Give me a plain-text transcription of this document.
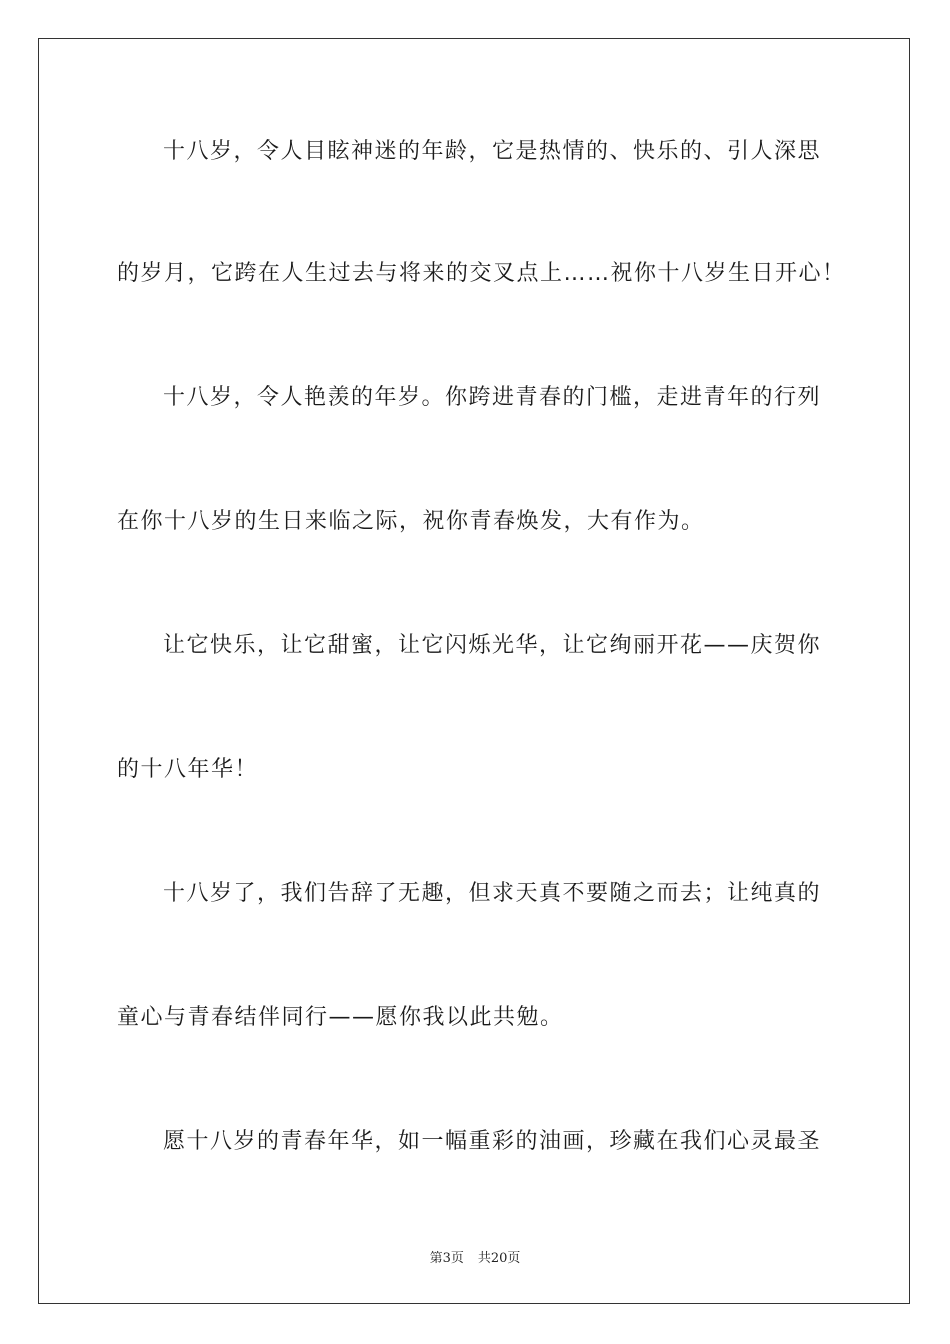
十八岁，令人目眩神迷的年龄，它是热情的、快乐的、引人深思
的岁月，它跨在人生过去与将来的交叉点上……祝你十八岁生日开心！
十八岁，令人艳羡的年岁。你跨进青春的门槛，走进青年的行列
在你十八岁的生日来临之际，祝你青春焕发，大有作为。
让它快乐，让它甜蜜，让它闪烁光华，让它绚丽开花——庆贺你
的十八年华！
十八岁了，我们告辞了无趣，但求天真不要随之而去；让纯真的
童心与青春结伴同行——愿你我以此共勉。
愿十八岁的青春年华，如一幅重彩的油画，珍藏在我们心灵最圣
第3页 共20页
